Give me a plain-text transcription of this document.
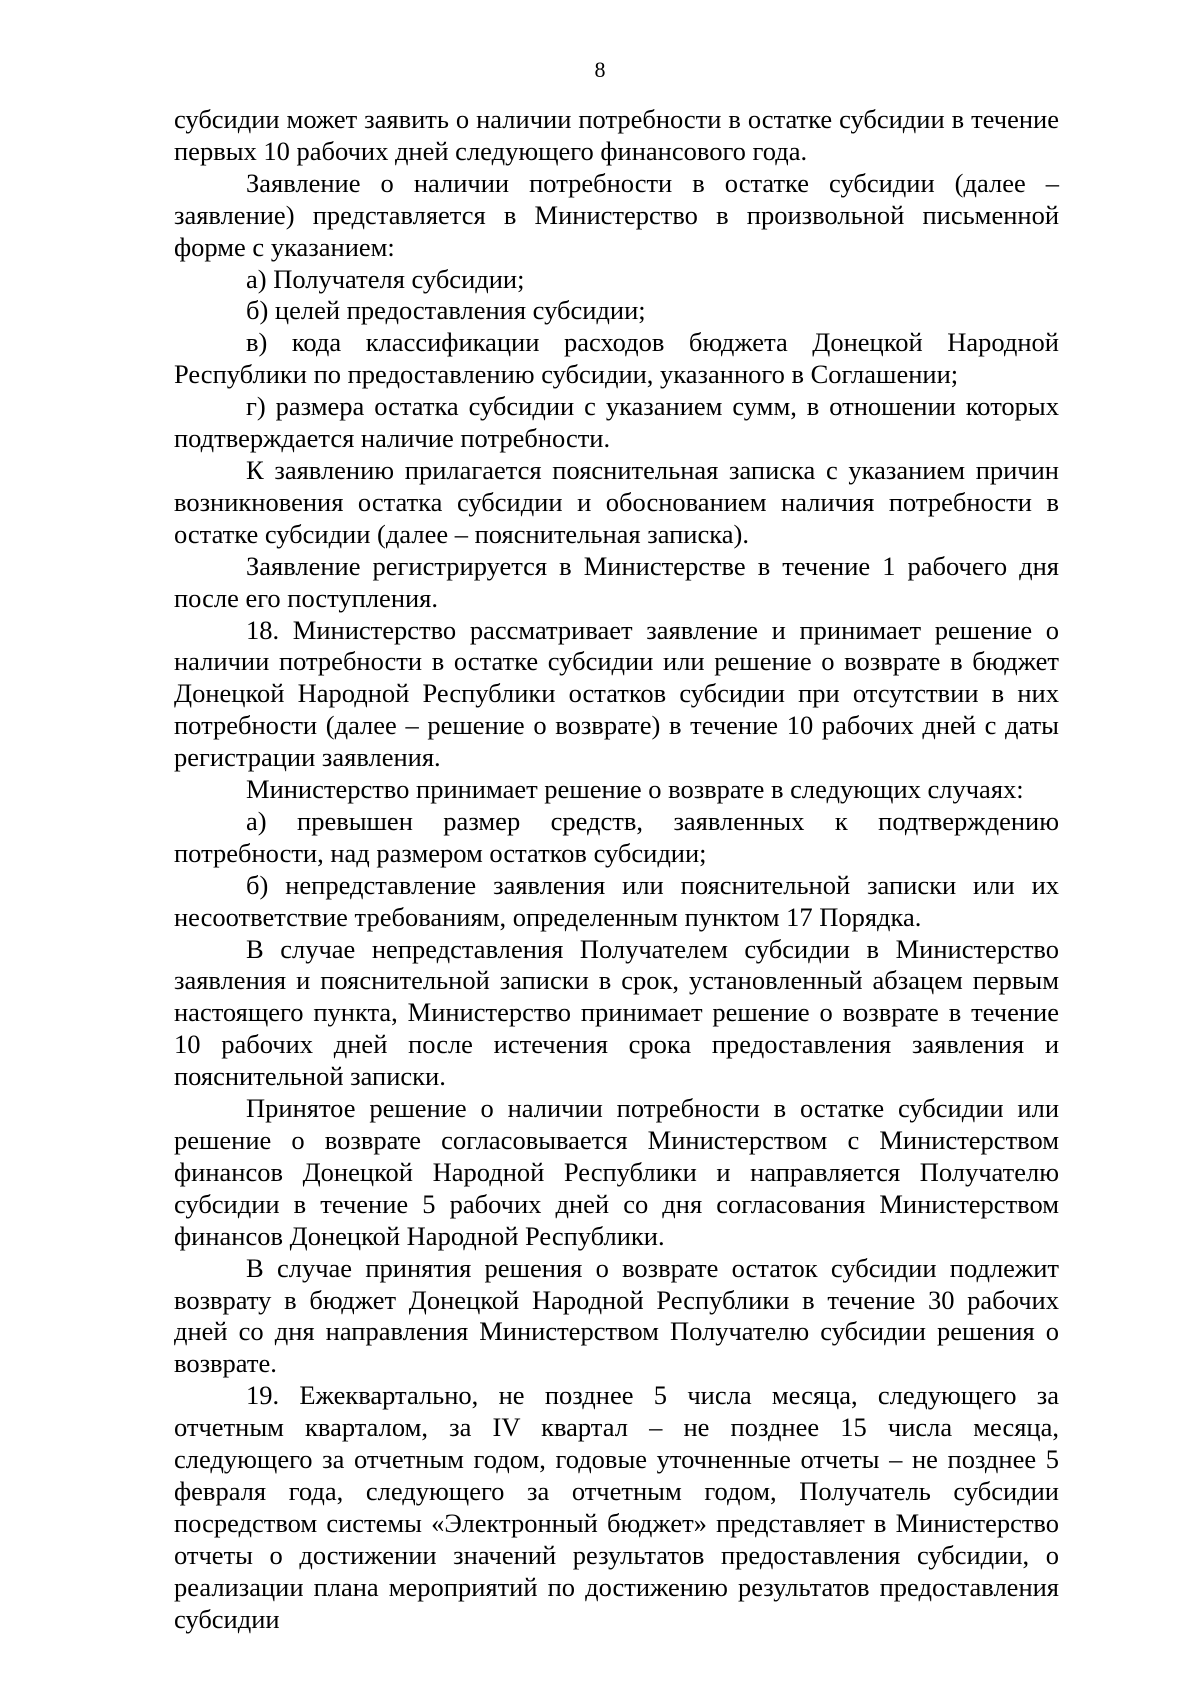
8

субсидии может заявить о наличии потребности в остатке субсидии в течение первых 10 рабочих дней следующего финансового года.

Заявление о наличии потребности в остатке субсидии (далее – заявление) представляется в Министерство в произвольной письменной форме с указанием:

а) Получателя субсидии;

б) целей предоставления субсидии;

в) кода классификации расходов бюджета Донецкой Народной Республики по предоставлению субсидии, указанного в Соглашении;

г) размера остатка субсидии с указанием сумм, в отношении которых подтверждается наличие потребности.

К заявлению прилагается пояснительная записка с указанием причин возникновения остатка субсидии и обоснованием наличия потребности в остатке субсидии (далее – пояснительная записка).

Заявление регистрируется в Министерстве в течение 1 рабочего дня после его поступления.

18. Министерство рассматривает заявление и принимает решение о наличии потребности в остатке субсидии или решение о возврате в бюджет Донецкой Народной Республики остатков субсидии при отсутствии в них потребности (далее – решение о возврате) в течение 10 рабочих дней с даты регистрации заявления.

Министерство принимает решение о возврате в следующих случаях:

а) превышен размер средств, заявленных к подтверждению потребности, над размером остатков субсидии;

б) непредставление заявления или пояснительной записки или их несоответствие требованиям, определенным пунктом 17 Порядка.

В случае непредставления Получателем субсидии в Министерство заявления и пояснительной записки в срок, установленный абзацем первым настоящего пункта, Министерство принимает решение о возврате в течение 10 рабочих дней после истечения срока предоставления заявления и пояснительной записки.

Принятое решение о наличии потребности в остатке субсидии или решение о возврате согласовывается Министерством с Министерством финансов Донецкой Народной Республики и направляется Получателю субсидии в течение 5 рабочих дней со дня согласования Министерством финансов Донецкой Народной Республики.

В случае принятия решения о возврате остаток субсидии подлежит возврату в бюджет Донецкой Народной Республики в течение 30 рабочих дней со дня направления Министерством Получателю субсидии решения о возврате.

19. Ежеквартально, не позднее 5 числа месяца, следующего за отчетным кварталом, за IV квартал – не позднее 15 числа месяца, следующего за отчетным годом, годовые уточненные отчеты – не позднее 5 февраля года, следующего за отчетным годом, Получатель субсидии посредством системы «Электронный бюджет» представляет в Министерство отчеты о достижении значений результатов предоставления субсидии, о реализации плана мероприятий по достижению результатов предоставления субсидии
